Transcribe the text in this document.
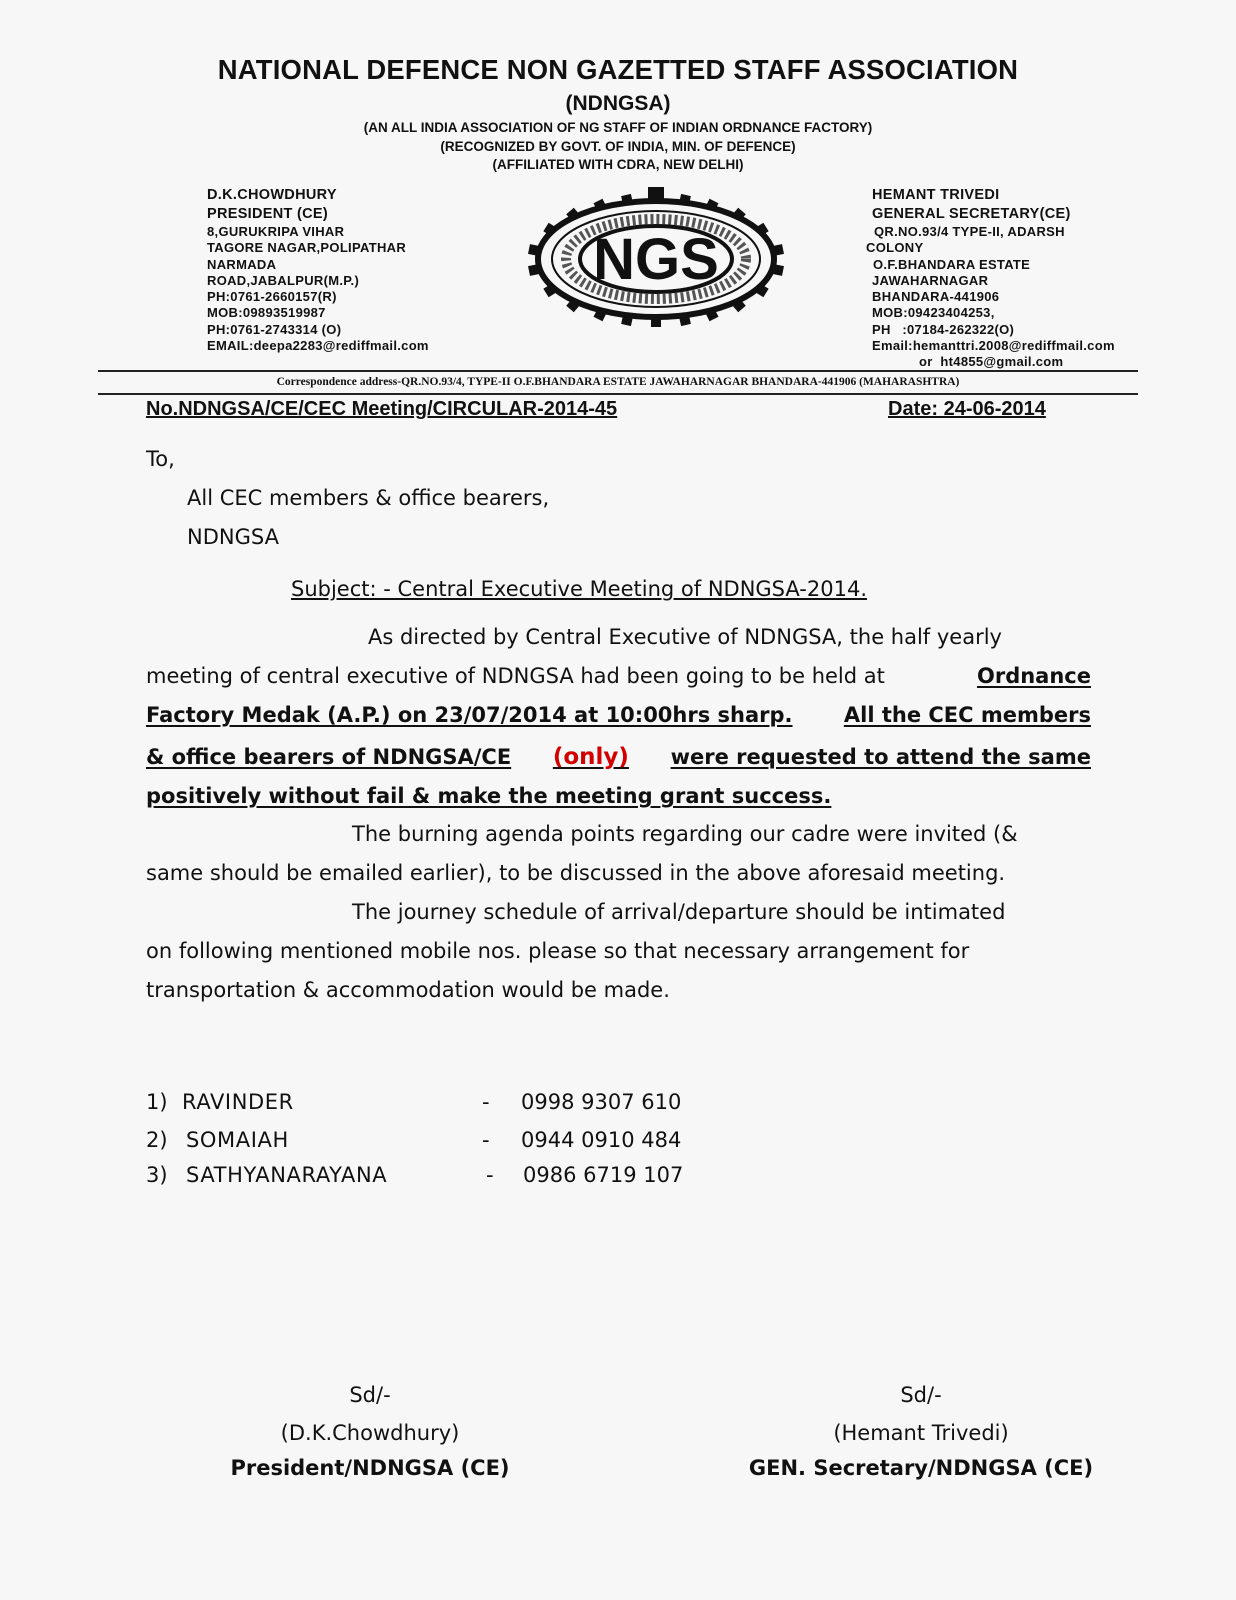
NATIONAL DEFENCE NON GAZETTED STAFF ASSOCIATION
(NDNGSA)
(AN ALL INDIA ASSOCIATION OF NG STAFF OF INDIAN ORDNANCE FACTORY)
(RECOGNIZED BY GOVT. OF INDIA, MIN. OF DEFENCE)
(AFFILIATED WITH CDRA, NEW DELHI)
D.K.CHOWDHURY
PRESIDENT (CE)
8,GURUKRIPA VIHAR
TAGORE NAGAR,POLIPATHAR
NARMADA
ROAD,JABALPUR(M.P.)
PH:0761-2660157(R)
MOB:09893519987
PH:0761-2743314 (O)
EMAIL:deepa2283@rediffmail.com
NGS
HEMANT TRIVEDI
GENERAL SECRETARY(CE)
QR.NO.93/4 TYPE-II, ADARSH
COLONY
O.F.BHANDARA ESTATE
JAWAHARNAGAR
BHANDARA-441906
MOB:09423404253,
PH   :07184-262322(O)
Email:hemanttri.2008@rediffmail.com
or  ht4855@gmail.com
Correspondence address-QR.NO.93/4, TYPE-II O.F.BHANDARA ESTATE JAWAHARNAGAR BHANDARA-441906 (MAHARASHTRA)
No.NDNGSA/CE/CEC Meeting/CIRCULAR-2014-45	Date: 24-06-2014
To,
All CEC members & office bearers,
NDNGSA
Subject: - Central Executive Meeting of NDNGSA-2014.
As directed by Central Executive of NDNGSA, the half yearly
meeting of central executive of NDNGSA had been going to be held at	Ordnance
Factory Medak (A.P.) on 23/07/2014 at 10:00hrs sharp. All the CEC members
& office bearers of NDNGSA/CE (only) were requested to attend the same
positively without fail & make the meeting grant success.
The burning agenda points regarding our cadre were invited (&
same should be emailed earlier), to be discussed in the above aforesaid meeting.
The journey schedule of arrival/departure should be intimated
on following mentioned mobile nos. please so that necessary arrangement for
transportation & accommodation would be made.
1) RAVINDER	- 0998 9307 610
2) SOMAIAH	- 0944 0910 484
3) SATHYANARAYANA	- 0986 6719 107
Sd/-
(D.K.Chowdhury)
President/NDNGSA (CE)
Sd/-
(Hemant Trivedi)
GEN. Secretary/NDNGSA (CE)
